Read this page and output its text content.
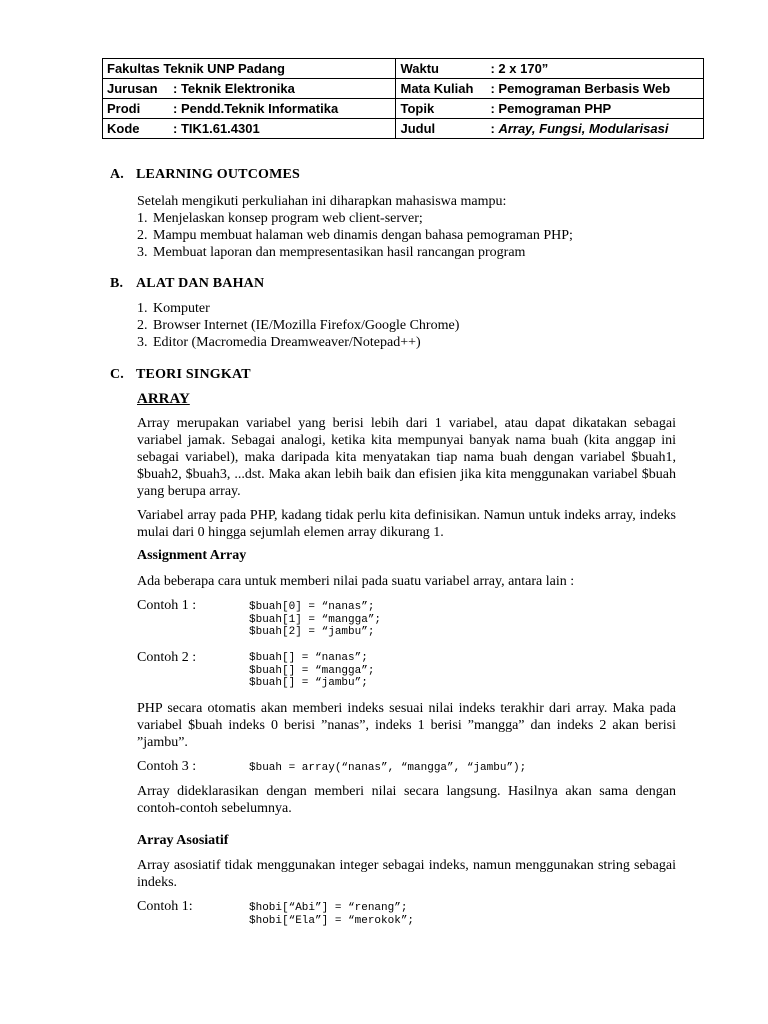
Fakultas Teknik UNP Padang	Waktu : 2 x 170”
Jurusan : Teknik Elektronika	Mata Kuliah : Pemograman Berbasis Web
Prodi : Pendd.Teknik Informatika	Topik : Pemograman PHP
Kode : TIK1.61.4301	Judul : Array, Fungsi, Modularisasi
A. LEARNING OUTCOMES
Setelah mengikuti perkuliahan ini diharapkan mahasiswa mampu:
1. Menjelaskan konsep program web client-server;
2. Mampu membuat halaman web dinamis dengan bahasa pemograman PHP;
3. Membuat laporan dan mempresentasikan hasil rancangan program
B. ALAT DAN BAHAN
1. Komputer
2. Browser Internet (IE/Mozilla Firefox/Google Chrome)
3. Editor (Macromedia Dreamweaver/Notepad++)
C. TEORI SINGKAT
ARRAY
Array merupakan variabel yang berisi lebih dari 1 variabel, atau dapat dikatakan sebagai variabel jamak. Sebagai analogi, ketika kita mempunyai banyak nama buah (kita anggap ini sebagai variabel), maka daripada kita menyatakan tiap nama buah dengan variabel $buah1, $buah2, $buah3, ...dst. Maka akan lebih baik dan efisien jika kita menggunakan variabel $buah yang berupa array.
Variabel array pada PHP, kadang tidak perlu kita definisikan. Namun untuk indeks array, indeks mulai dari 0 hingga sejumlah elemen array dikurang 1.
Assignment Array
Ada beberapa cara untuk memberi nilai pada suatu variabel array, antara lain :
Contoh 1 :	$buah[0] = “nanas”;
$buah[1] = “mangga”;
$buah[2] = “jambu”;
Contoh 2 :	$buah[] = “nanas”;
$buah[] = “mangga”;
$buah[] = “jambu”;
PHP secara otomatis akan memberi indeks sesuai nilai indeks terakhir dari array. Maka pada variabel $buah indeks 0 berisi ”nanas”, indeks 1 berisi ”mangga” dan indeks 2 akan berisi ”jambu”.
Contoh 3 :	$buah = array(“nanas”, “mangga”, “jambu”);
Array dideklarasikan dengan memberi nilai secara langsung. Hasilnya akan sama dengan contoh-contoh sebelumnya.
Array Asosiatif
Array asosiatif tidak menggunakan integer sebagai indeks, namun menggunakan string sebagai indeks.
Contoh 1:	$hobi[“Abi”] = “renang”;
$hobi[“Ela”] = “merokok”;
